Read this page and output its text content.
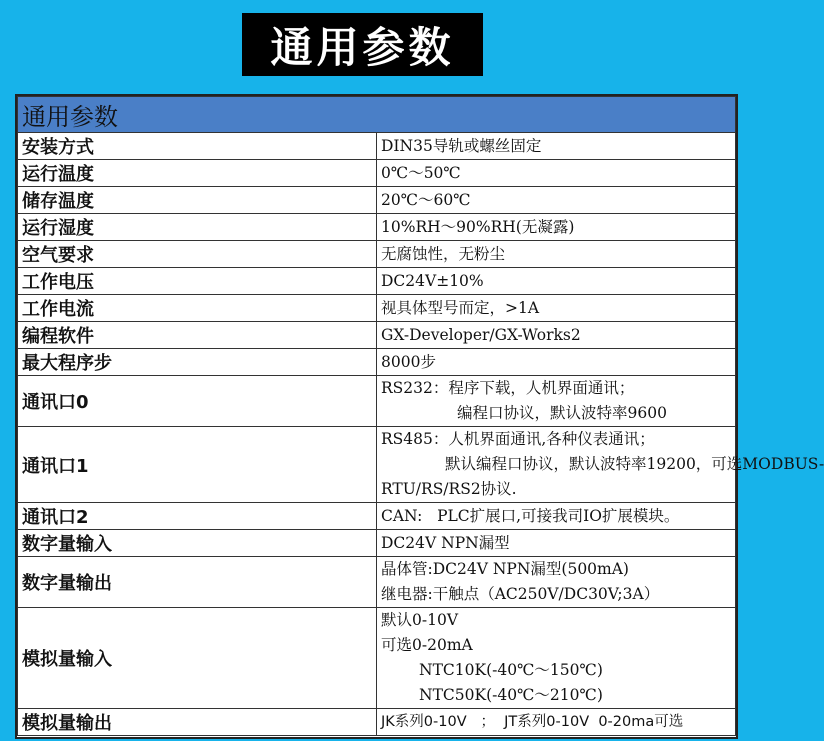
通用参数
通用参数	
安装方式	DIN35导轨或螺丝固定

运行温度	0℃～50℃

储存温度	20℃～60℃

运行湿度	10%RH～90%RH(无凝露)

空气要求	无腐蚀性，无粉尘

工作电压	DC24V±10%

工作电流	视具体型号而定，>1A

编程软件	GX-Developer/GX-Works2

最大程序步	8000步

通讯口0	RS232：程序下载，人机界面通讯；
编程口协议，默认波特率9600

通讯口1	RS485：人机界面通讯,各种仪表通讯；
默认编程口协议，默认波特率19200，可选MODBUS-
RTU/RS/RS2协议.

通讯口2	CAN:   PLC扩展口,可接我司IO扩展模块。

数字量输入	DC24V NPN漏型

数字量输出	晶体管:DC24V NPN漏型(500mA)
继电器:干触点（AC250V/DC30V;3A）

模拟量输入	默认0-10V
可选0-20mA
NTC10K(-40℃～150℃)
NTC50K(-40℃～210℃)

模拟量输出	JK系列0-10V   ；  JT系列0-10V  0-20ma可选
